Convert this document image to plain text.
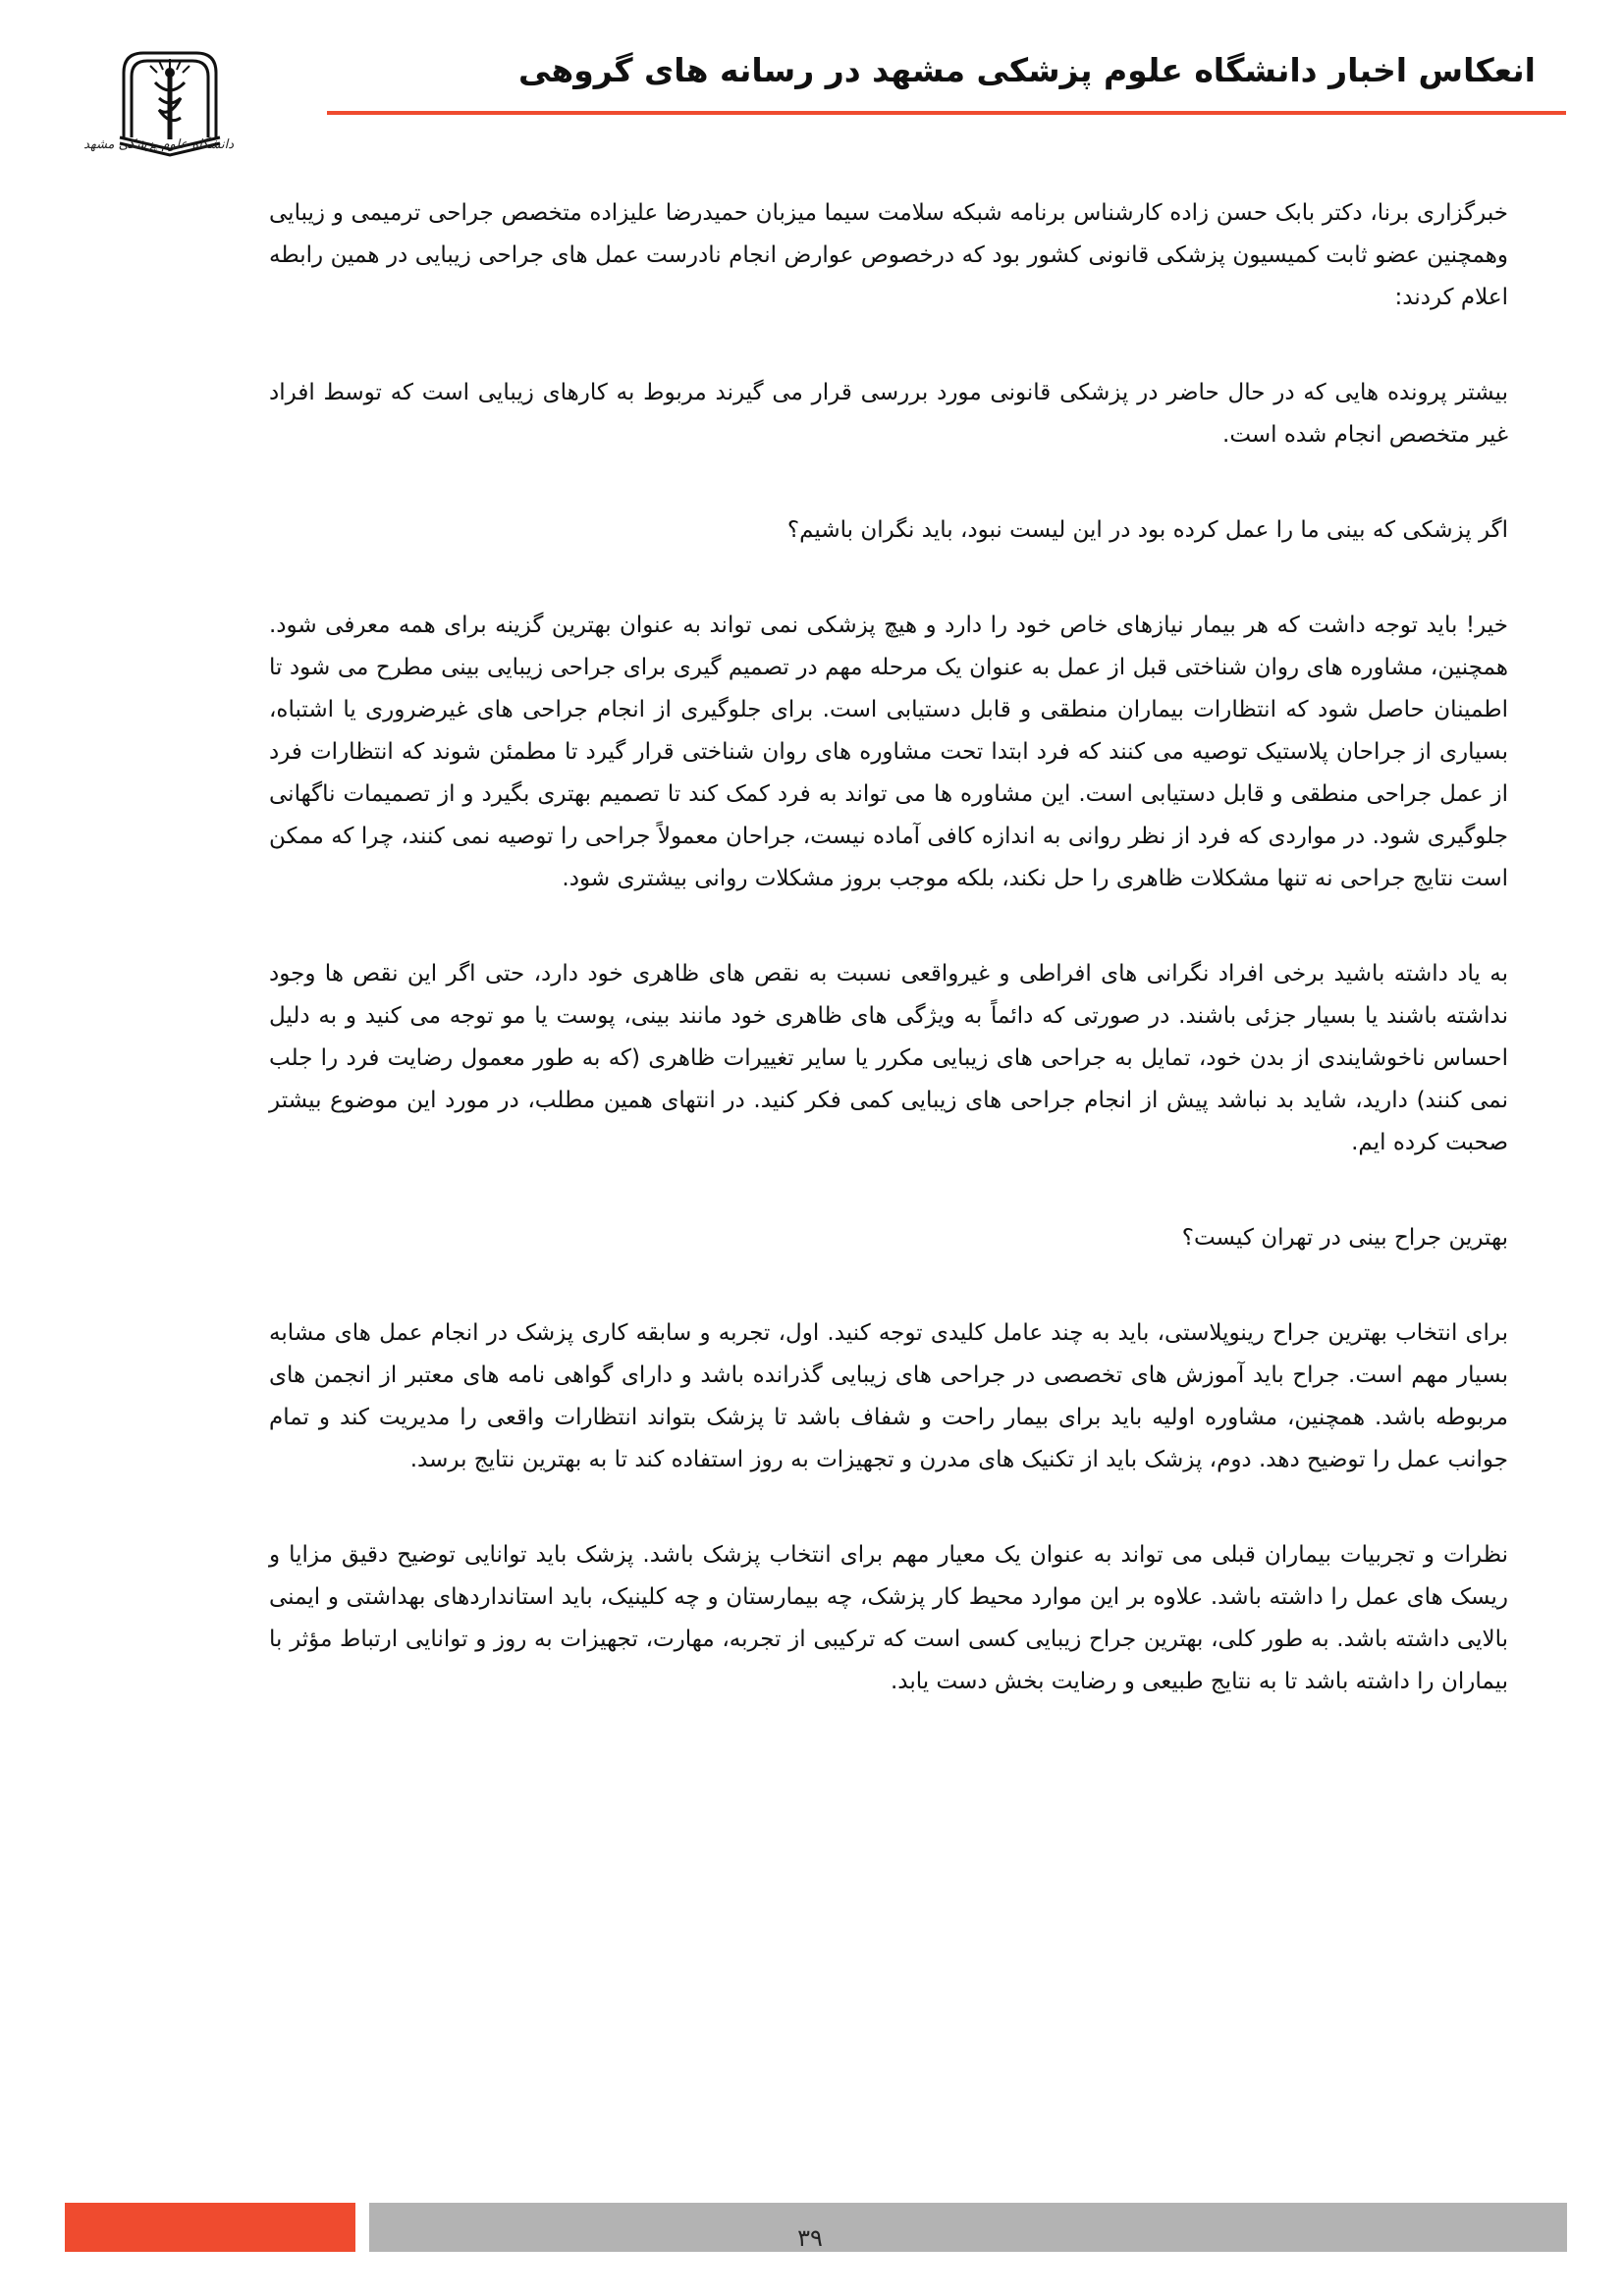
انعکاس اخبار دانشگاه علوم پزشکی مشهد در رسانه های گروهی
دانشگاه علوم پزشکی مشهد

خبرگزاری برنا، دکتر بابک حسن زاده کارشناس برنامه شبکه سلامت سیما میزبان حمیدرضا علیزاده متخصص جراحی ترمیمی و زیبایی وهمچنین عضو ثابت کمیسیون پزشکی قانونی کشور بود که درخصوص عوارض انجام نادرست عمل های جراحی زیبایی در همین رابطه اعلام کردند:

بیشتر پرونده هایی که در حال حاضر در پزشکی قانونی مورد بررسی قرار می گیرند مربوط به کارهای زیبایی است که توسط افراد غیر متخصص انجام شده است.

اگر پزشکی که بینی ما را عمل کرده بود در این لیست نبود، باید نگران باشیم؟

خیر! باید توجه داشت که هر بیمار نیازهای خاص خود را دارد و هیچ پزشکی نمی تواند به عنوان بهترین گزینه برای همه معرفی شود. همچنین، مشاوره های روان شناختی قبل از عمل به عنوان یک مرحله مهم در تصمیم گیری برای جراحی زیبایی بینی مطرح می شود تا اطمینان حاصل شود که انتظارات بیماران منطقی و قابل دستیابی است. برای جلوگیری از انجام جراحی های غیرضروری یا اشتباه، بسیاری از جراحان پلاستیک توصیه می کنند که فرد ابتدا تحت مشاوره های روان شناختی قرار گیرد تا مطمئن شوند که انتظارات فرد از عمل جراحی منطقی و قابل دستیابی است. این مشاوره ها می تواند به فرد کمک کند تا تصمیم بهتری بگیرد و از تصمیمات ناگهانی جلوگیری شود. در مواردی که فرد از نظر روانی به اندازه کافی آماده نیست، جراحان معمولاً جراحی را توصیه نمی کنند، چرا که ممکن است نتایج جراحی نه تنها مشکلات ظاهری را حل نکند، بلکه موجب بروز مشکلات روانی بیشتری شود.

به یاد داشته باشید برخی افراد نگرانی های افراطی و غیرواقعی نسبت به نقص های ظاهری خود دارد، حتی اگر این نقص ها وجود نداشته باشند یا بسیار جزئی باشند. در صورتی که دائماً به ویژگی های ظاهری خود مانند بینی، پوست یا مو توجه می کنید و به دلیل احساس ناخوشایندی از بدن خود، تمایل به جراحی های زیبایی مکرر یا سایر تغییرات ظاهری (که به طور معمول رضایت فرد را جلب نمی کنند) دارید، شاید بد نباشد پیش از انجام جراحی های زیبایی کمی فکر کنید. در انتهای همین مطلب، در مورد این موضوع بیشتر صحبت کرده ایم.

بهترین جراح بینی در تهران کیست؟

برای انتخاب بهترین جراح رینوپلاستی، باید به چند عامل کلیدی توجه کنید. اول، تجربه و سابقه کاری پزشک در انجام عمل های مشابه بسیار مهم است. جراح باید آموزش های تخصصی در جراحی های زیبایی گذرانده باشد و دارای گواهی نامه های معتبر از انجمن های مربوطه باشد. همچنین، مشاوره اولیه باید برای بیمار راحت و شفاف باشد تا پزشک بتواند انتظارات واقعی را مدیریت کند و تمام جوانب عمل را توضیح دهد. دوم، پزشک باید از تکنیک های مدرن و تجهیزات به روز استفاده کند تا به بهترین نتایج برسد.

نظرات و تجربیات بیماران قبلی می تواند به عنوان یک معیار مهم برای انتخاب پزشک باشد. پزشک باید توانایی توضیح دقیق مزایا و ریسک های عمل را داشته باشد. علاوه بر این موارد محیط کار پزشک، چه بیمارستان و چه کلینیک، باید استانداردهای بهداشتی و ایمنی بالایی داشته باشد. به طور کلی، بهترین جراح زیبایی کسی است که ترکیبی از تجربه، مهارت، تجهیزات به روز و توانایی ارتباط مؤثر با بیماران را داشته باشد تا به نتایج طبیعی و رضایت بخش دست یابد.

۳۹
